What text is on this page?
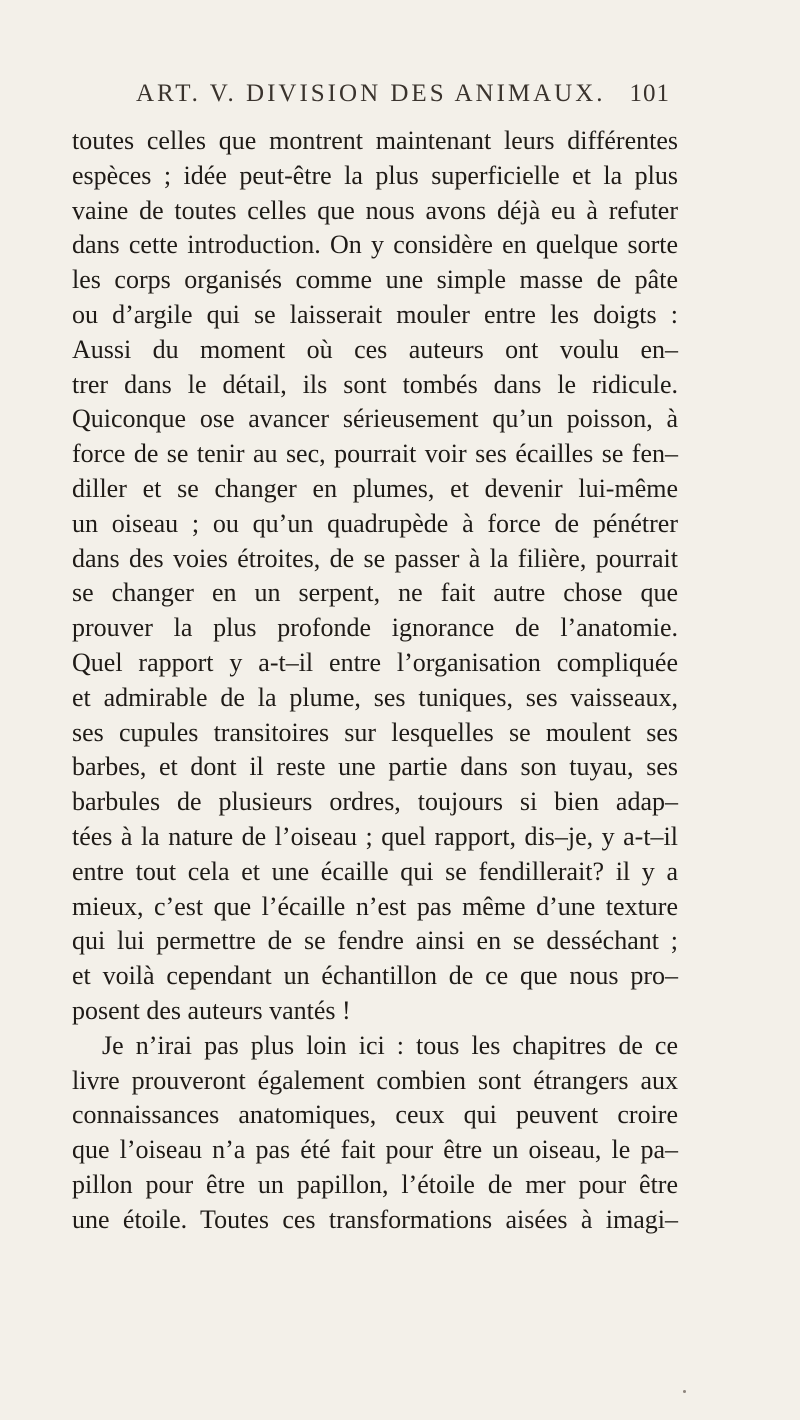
ART. V. DIVISION DES ANIMAUX. 101
toutes celles que montrent maintenant leurs différentes
espèces ; idée peut-être la plus superficielle et la plus
vaine de toutes celles que nous avons déjà eu à refuter
dans cette introduction. On y considère en quelque sorte
les corps organisés comme une simple masse de pâte
ou d’argile qui se laisserait mouler entre les doigts :
Aussi du moment où ces auteurs ont voulu en–
trer dans le détail, ils sont tombés dans le ridicule.
Quiconque ose avancer sérieusement qu’un poisson, à
force de se tenir au sec, pourrait voir ses écailles se fen–
diller et se changer en plumes, et devenir lui-même
un oiseau ; ou qu’un quadrupède à force de pénétrer
dans des voies étroites, de se passer à la filière, pourrait
se changer en un serpent, ne fait autre chose que
prouver la plus profonde ignorance de l’anatomie.
Quel rapport y a-t–il entre l’organisation compliquée
et admirable de la plume, ses tuniques, ses vaisseaux,
ses cupules transitoires sur lesquelles se moulent ses
barbes, et dont il reste une partie dans son tuyau, ses
barbules de plusieurs ordres, toujours si bien adap–
tées à la nature de l’oiseau ; quel rapport, dis–je, y a-t–il
entre tout cela et une écaille qui se fendillerait? il y a
mieux, c’est que l’écaille n’est pas même d’une texture
qui lui permettre de se fendre ainsi en se desséchant ;
et voilà cependant un échantillon de ce que nous pro–
posent des auteurs vantés !
Je n’irai pas plus loin ici : tous les chapitres de ce
livre prouveront également combien sont étrangers aux
connaissances anatomiques, ceux qui peuvent croire
que l’oiseau n’a pas été fait pour être un oiseau, le pa–
pillon pour être un papillon, l’étoile de mer pour être
une étoile. Toutes ces transformations aisées à imagi–
